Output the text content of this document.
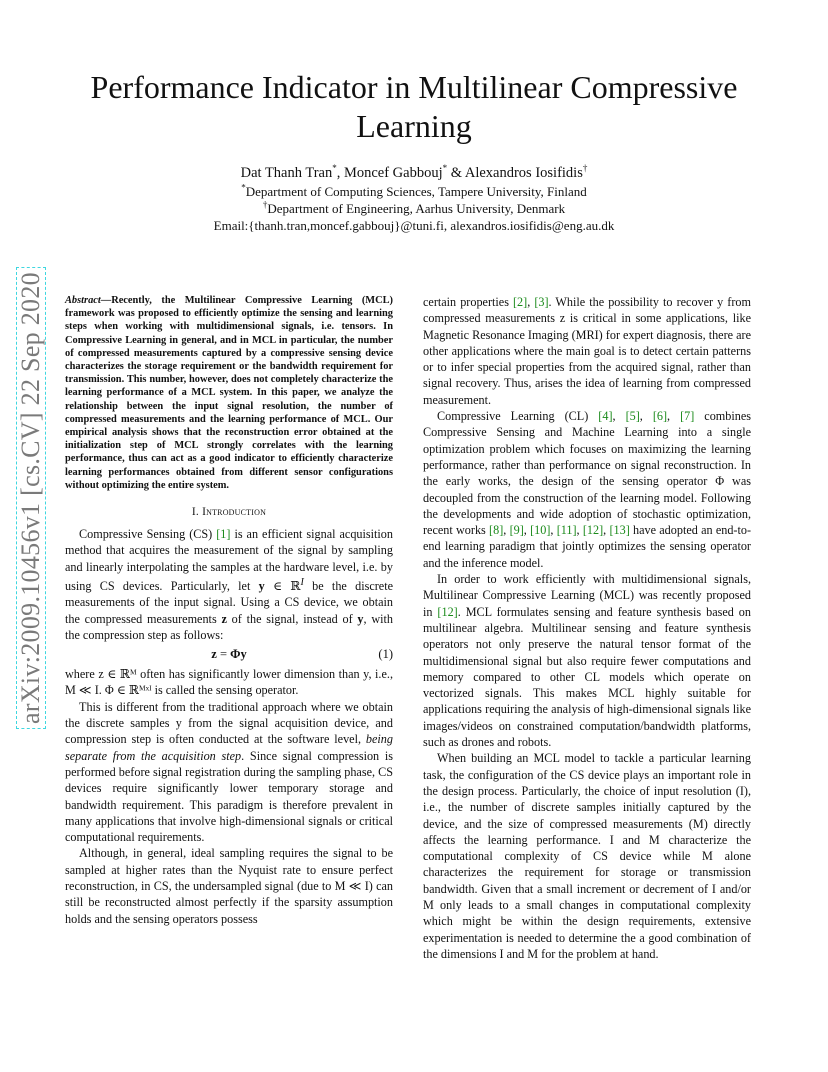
arXiv:2009.10456v1 [cs.CV] 22 Sep 2020
Performance Indicator in Multilinear Compressive Learning
Dat Thanh Tran*, Moncef Gabbouj* & Alexandros Iosifidis†
*Department of Computing Sciences, Tampere University, Finland
†Department of Engineering, Aarhus University, Denmark
Email:{thanh.tran,moncef.gabbouj}@tuni.fi, alexandros.iosifidis@eng.au.dk

Abstract—Recently, the Multilinear Compressive Learning (MCL) framework was proposed to efficiently optimize the sensing and learning steps when working with multidimensional signals, i.e. tensors. In Compressive Learning in general, and in MCL in particular, the number of compressed measurements captured by a compressive sensing device characterizes the storage requirement or the bandwidth requirement for transmission. This number, however, does not completely characterize the learning performance of a MCL system. In this paper, we analyze the relationship between the input signal resolution, the number of compressed measurements and the learning performance of MCL. Our empirical analysis shows that the reconstruction error obtained at the initialization step of MCL strongly correlates with the learning performance, thus can act as a good indicator to efficiently characterize learning performances obtained from different sensor configurations without optimizing the entire system.

I. Introduction

Compressive Sensing (CS) [1] is an efficient signal acquisition method that acquires the measurement of the signal by sampling and linearly interpolating the samples at the hardware level, i.e. by using CS devices. Particularly, let y ∈ ℝ$^I$ be the discrete measurements of the input signal. Using a CS device, we obtain the compressed measurements z of the signal, instead of y, with the compression step as follows:

z = Φy	(1)

where z ∈ ℝᴹ often has significantly lower dimension than y, i.e., M ≪ I. Φ ∈ ℝᴹˣᴵ is called the sensing operator.

This is different from the traditional approach where we obtain the discrete samples y from the signal acquisition device, and compression step is often conducted at the software level, being separate from the acquisition step. Since signal compression is performed before signal registration during the sampling phase, CS devices require significantly lower temporary storage and bandwidth requirement. This paradigm is therefore prevalent in many applications that involve high-dimensional signals or critical computational requirements.

Although, in general, ideal sampling requires the signal to be sampled at higher rates than the Nyquist rate to ensure perfect reconstruction, in CS, the undersampled signal (due to M ≪ I) can still be reconstructed almost perfectly if the sparsity assumption holds and the sensing operators possess

certain properties [2], [3]. While the possibility to recover y from compressed measurements z is critical in some applications, like Magnetic Resonance Imaging (MRI) for expert diagnosis, there are other applications where the main goal is to detect certain patterns or to infer special properties from the acquired signal, rather than signal recovery. Thus, arises the idea of learning from compressed measurement.

Compressive Learning (CL) [4], [5], [6], [7] combines Compressive Sensing and Machine Learning into a single optimization problem which focuses on maximizing the learning performance, rather than performance on signal reconstruction. In the early works, the design of the sensing operator Φ was decoupled from the construction of the learning model. Following the developments and wide adoption of stochastic optimization, recent works [8], [9], [10], [11], [12], [13] have adopted an end-to-end learning paradigm that jointly optimizes the sensing operator and the inference model.

In order to work efficiently with multidimensional signals, Multilinear Compressive Learning (MCL) was recently proposed in [12]. MCL formulates sensing and feature synthesis based on multilinear algebra. Multilinear sensing and feature synthesis operators not only preserve the natural tensor format of the multidimensional signal but also require fewer computations and memory compared to other CL models which operate on vectorized signals. This makes MCL highly suitable for applications requiring the analysis of high-dimensional signals like images/videos on constrained computation/bandwidth platforms, such as drones and robots.

When building an MCL model to tackle a particular learning task, the configuration of the CS device plays an important role in the design process. Particularly, the choice of input resolution (I), i.e., the number of discrete samples initially captured by the device, and the size of compressed measurements (M) directly affects the learning performance. I and M characterize the computational complexity of CS device while M alone characterizes the requirement for storage or transmission bandwidth. Given that a small increment or decrement of I and/or M only leads to a small changes in computational complexity which might be within the design requirements, extensive experimentation is needed to determine the a good combination of the dimensions I and M for the problem at hand.
